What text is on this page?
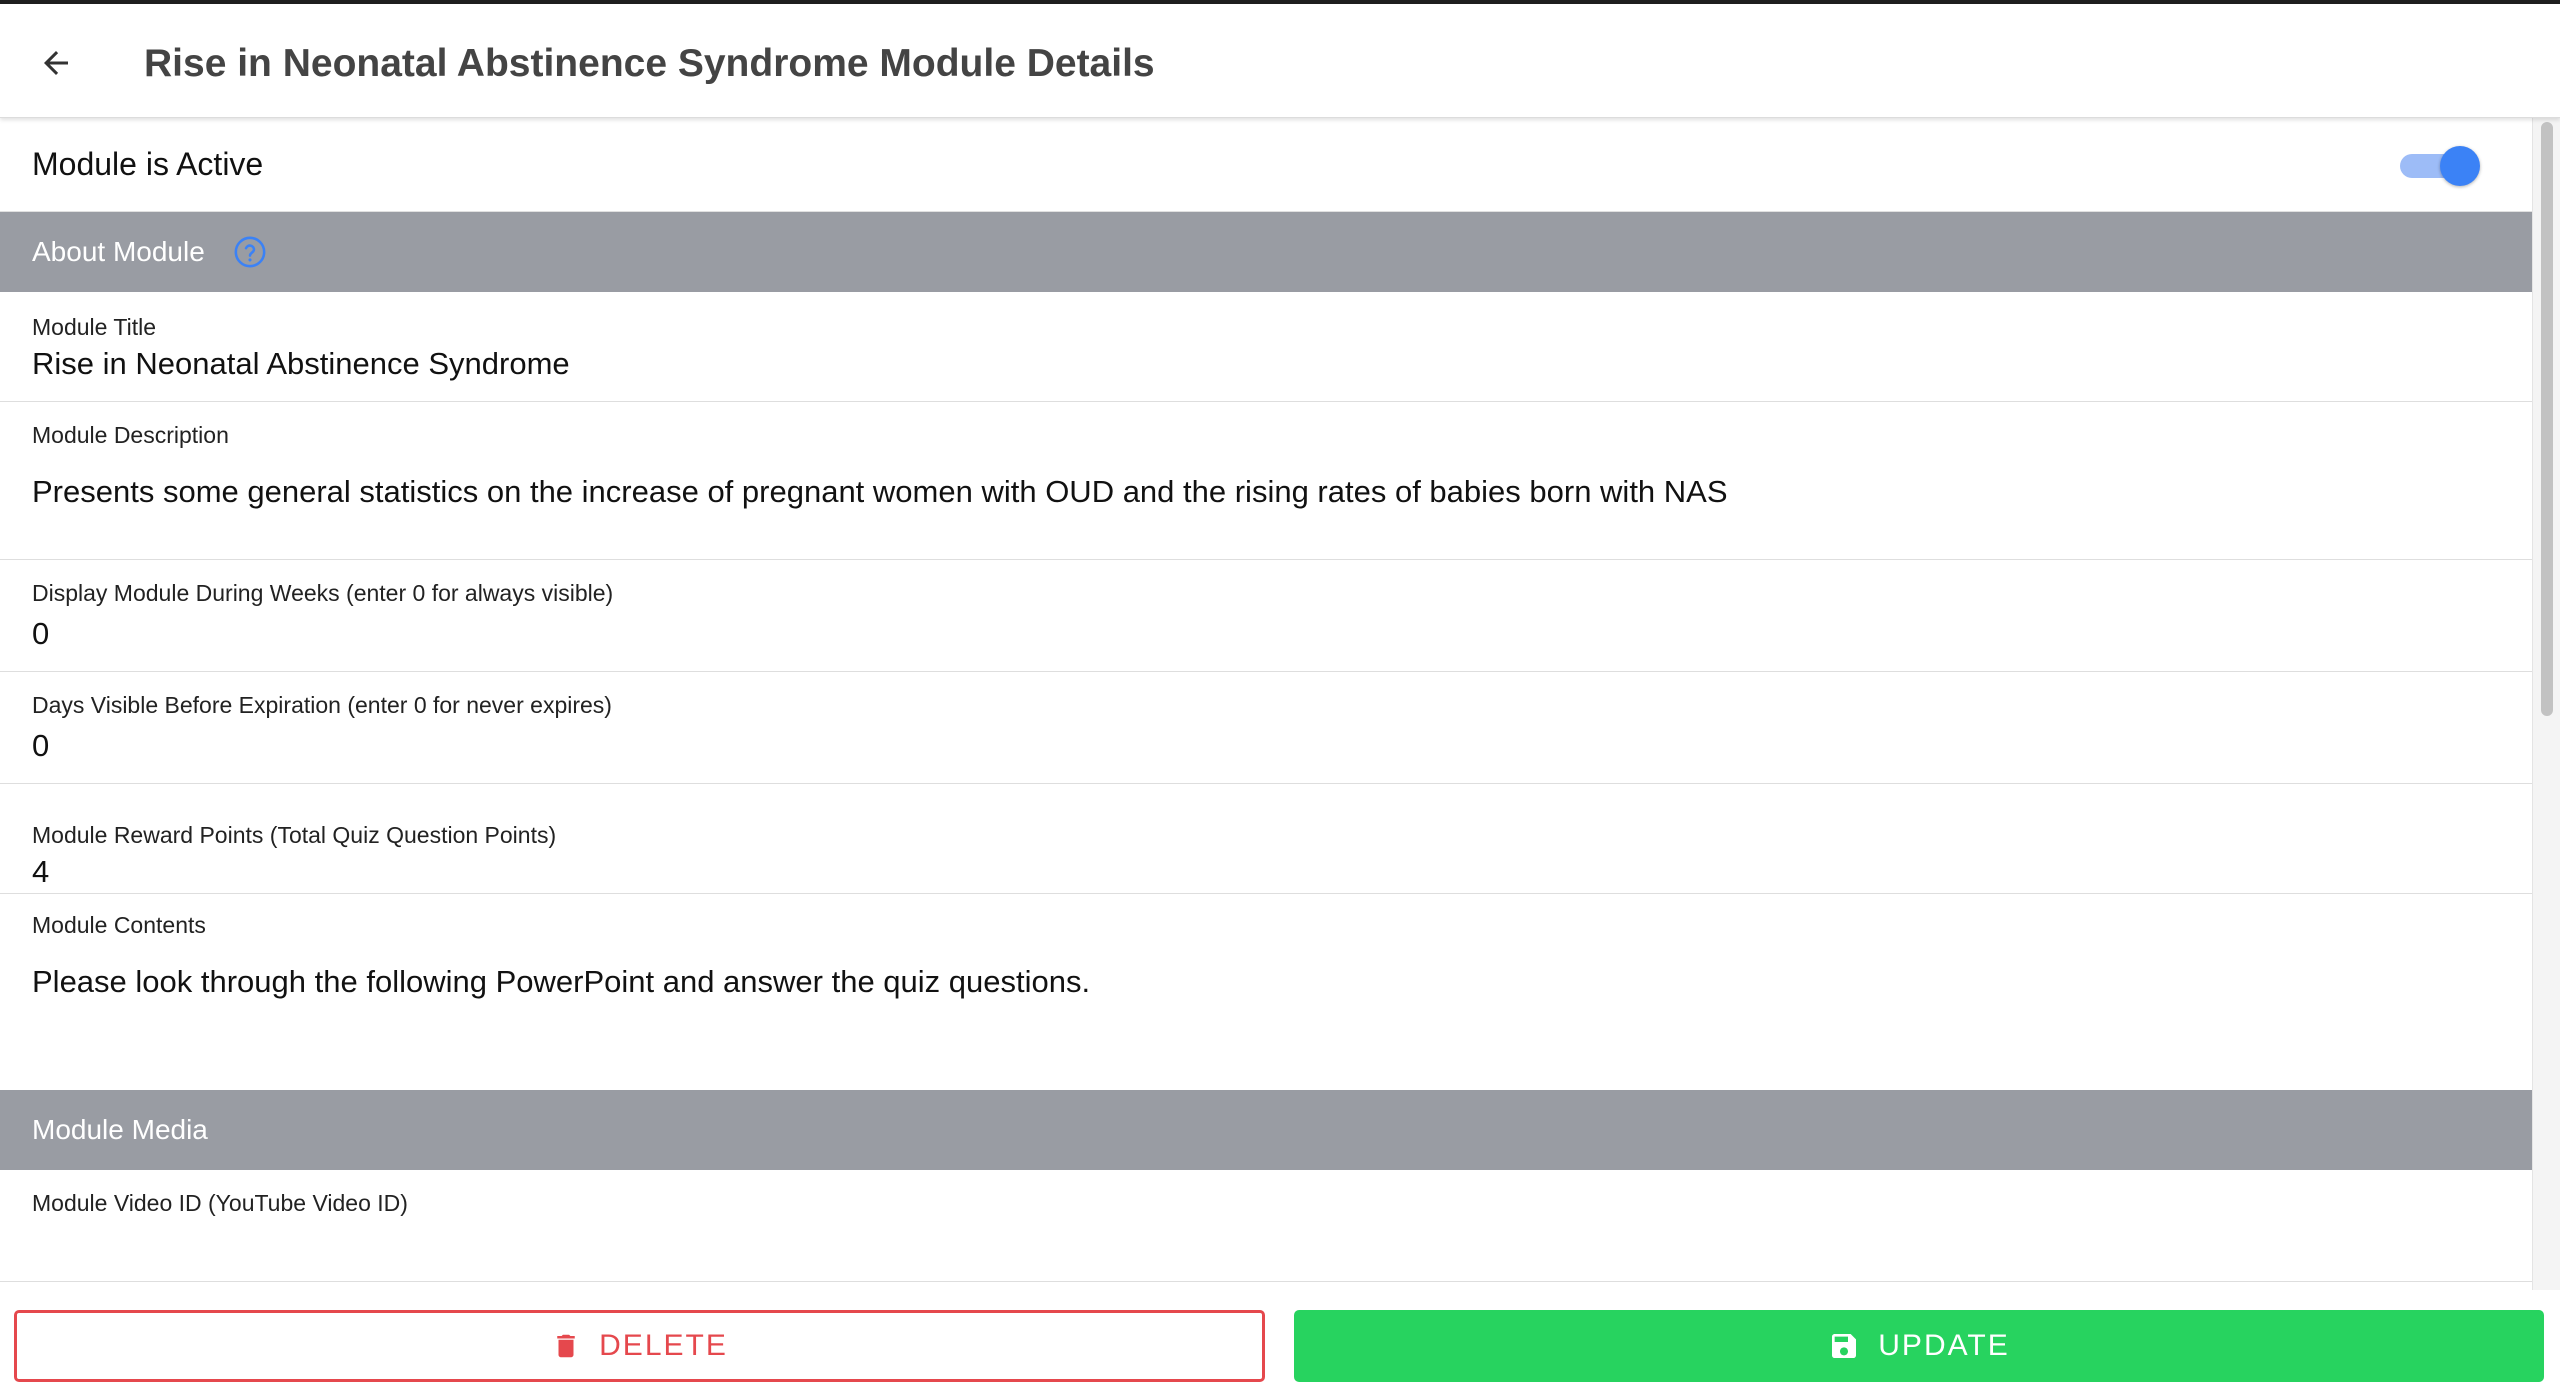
Rise in Neonatal Abstinence Syndrome Module Details
Module is Active
About Module
Module Title
Rise in Neonatal Abstinence Syndrome
Module Description
Presents some general statistics on the increase of pregnant women with OUD and the rising rates of babies born with NAS
Display Module During Weeks (enter 0 for always visible)
0
Days Visible Before Expiration (enter 0 for never expires)
0
Module Reward Points (Total Quiz Question Points)
4
Module Contents
Please look through the following PowerPoint and answer the quiz questions.
Module Media
Module Video ID (YouTube Video ID)
DELETE	UPDATE
